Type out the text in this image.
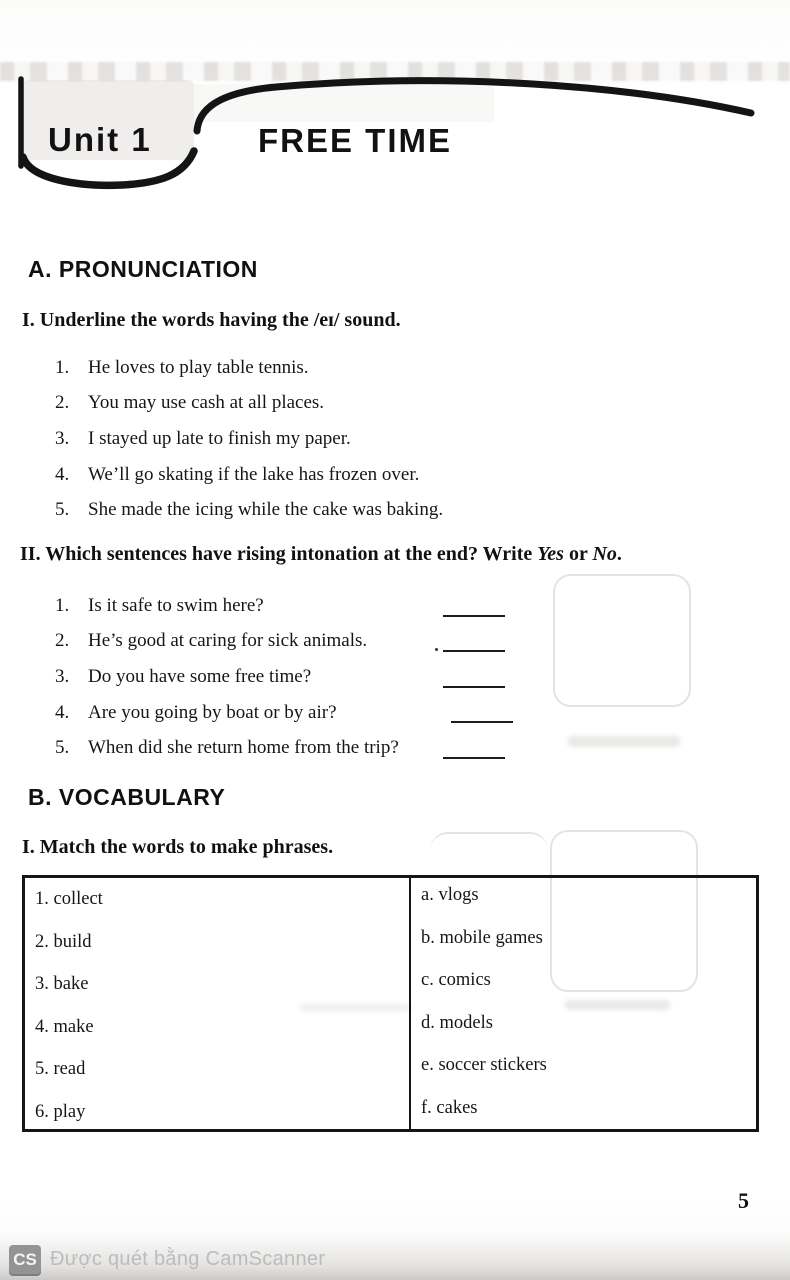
Unit 1	FREE TIME
A. PRONUNCIATION
I. Underline the words having the /eɪ/ sound.
1. He loves to play table tennis.
2. You may use cash at all places.
3. I stayed up late to finish my paper.
4. We’ll go skating if the lake has frozen over.
5. She made the icing while the cake was baking.
II. Which sentences have rising intonation at the end? Write Yes or No.
1. Is it safe to swim here?
2. He’s good at caring for sick animals.
3. Do you have some free time?
4. Are you going by boat or by air?
5. When did she return home from the trip?
B. VOCABULARY
I. Match the words to make phrases.

1. collect

2. build

3. bake

4. make

5. read

6. play

a. vlogs

b. mobile games

c. comics

d. models

e. soccer stickers

f. cakes

5
CS Được quét bằng CamScanner
